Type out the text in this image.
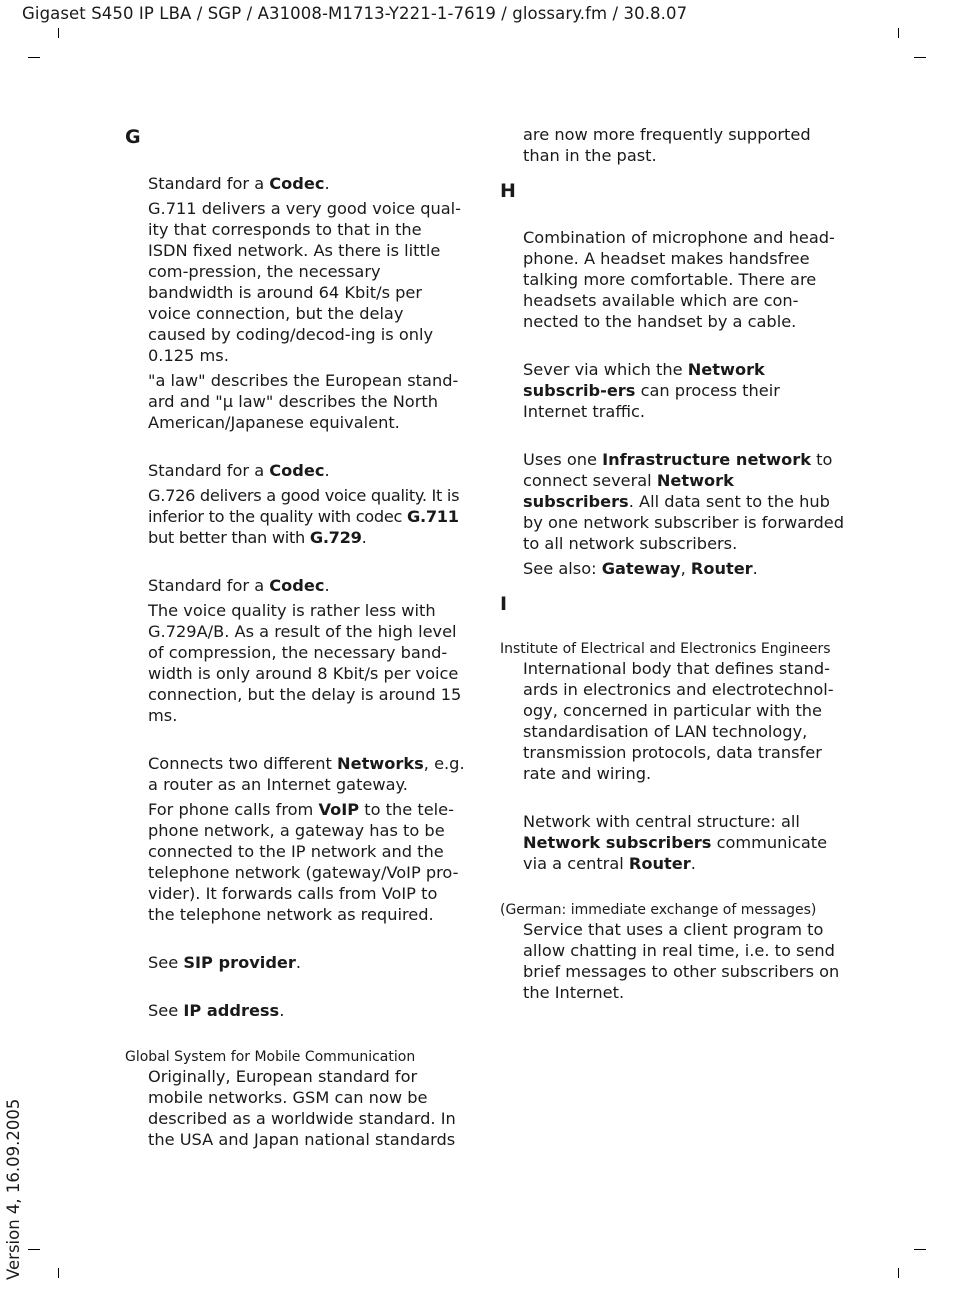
Gigaset S450 IP LBA / SGP / A31008-M1713-Y221-1-7619 / glossary.fm / 30.8.07
Version 4, 16.09.2005

G

Standard for a Codec.

G.711 delivers a very good voice qual-ity that corresponds to that in the ISDN fixed network. As there is little com-pression, the necessary bandwidth is around 64 Kbit/s per voice connection, but the delay caused by coding/decod-ing is only 0.125 ms.

"a law" describes the European stand-ard and "µ law" describes the North American/Japanese equivalent.

Standard for a Codec.

G.726 delivers a good voice quality. It is inferior to the quality with codec G.711 but better than with G.729.

Standard for a Codec.

The voice quality is rather less with G.729A/B. As a result of the high level of compression, the necessary band-width is only around 8 Kbit/s per voice connection, but the delay is around 15 ms.

Connects two different Networks, e.g. a router as an Internet gateway.

For phone calls from VoIP to the tele-phone network, a gateway has to be connected to the IP network and the telephone network (gateway/VoIP pro-vider). It forwards calls from VoIP to the telephone network as required.

See SIP provider.

See IP address.

Global System for Mobile Communication

Originally, European standard for mobile networks. GSM can now be described as a worldwide standard. In the USA and Japan national standards

are now more frequently supported than in the past.

H

Combination of microphone and head-phone. A headset makes handsfree talking more comfortable. There are headsets available which are con-nected to the handset by a cable.

Sever via which the Network subscrib-ers can process their Internet traffic.

Uses one Infrastructure network to connect several Network subscribers. All data sent to the hub by one network subscriber is forwarded to all network subscribers.

See also: Gateway, Router.

I

Institute of Electrical and Electronics Engineers

International body that defines stand-ards in electronics and electrotechnol-ogy, concerned in particular with the standardisation of LAN technology, transmission protocols, data transfer rate and wiring.

Network with central structure: all Network subscribers communicate via a central Router.

(German: immediate exchange of messages)

Service that uses a client program to allow chatting in real time, i.e. to send brief messages to other subscribers on the Internet.
